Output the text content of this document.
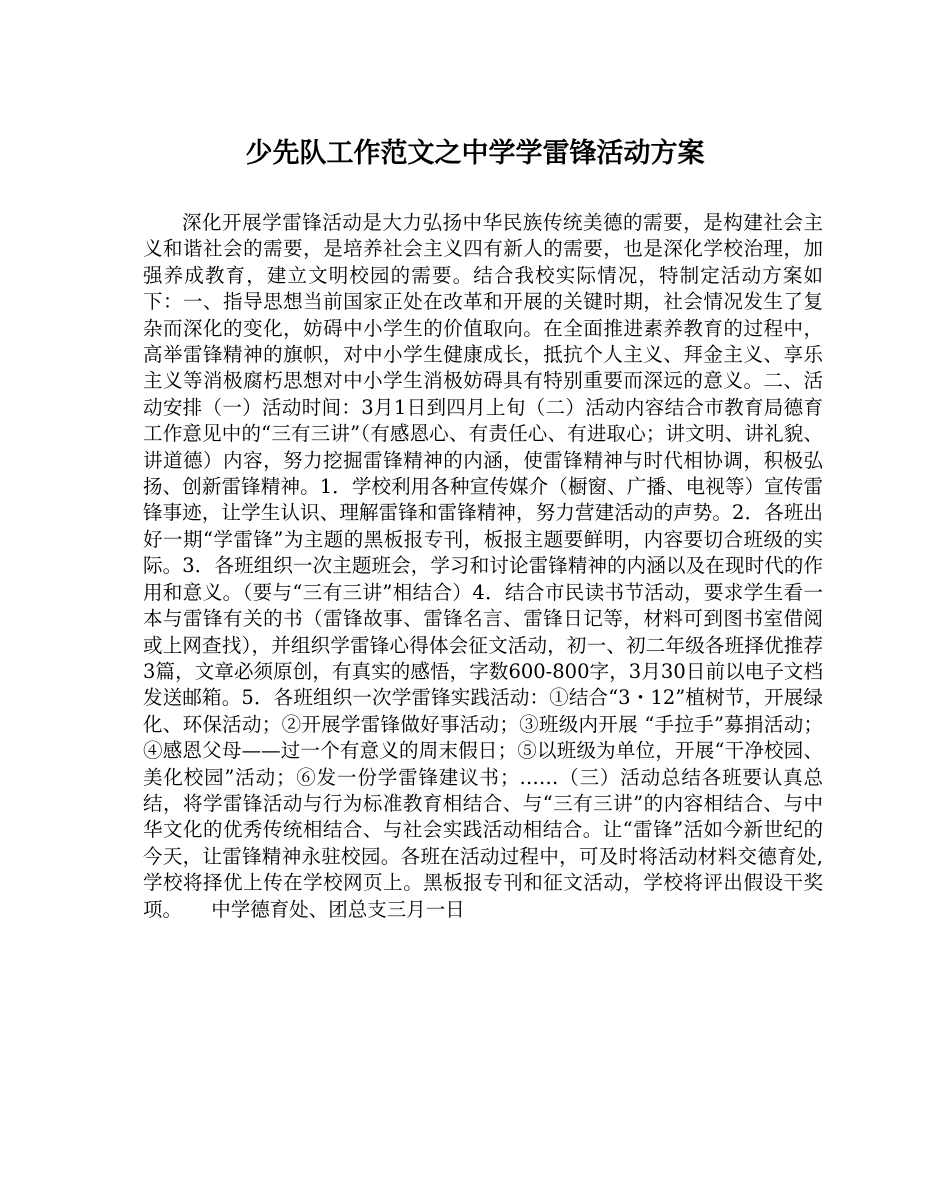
少先队工作范文之中学学雷锋活动方案

深化开展学雷锋活动是大力弘扬中华民族传统美德的需要，是构建社会主义和谐社会的需要，是培养社会主义四有新人的需要，也是深化学校治理，加强养成教育，建立文明校园的需要。结合我校实际情况，特制定活动方案如下：一、指导思想当前国家正处在改革和开展的关键时期，社会情况发生了复杂而深化的变化，妨碍中小学生的价值取向。在全面推进素养教育的过程中，高举雷锋精神的旗帜，对中小学生健康成长，抵抗个人主义、拜金主义、享乐主义等消极腐朽思想对中小学生消极妨碍具有特别重要而深远的意义。二、活动安排（一）活动时间：3月1日到四月上旬（二）活动内容结合市教育局德育工作意见中的“三有三讲”（有感恩心、有责任心、有进取心；讲文明、讲礼貌、讲道德）内容，努力挖掘雷锋精神的内涵，使雷锋精神与时代相协调，积极弘扬、创新雷锋精神。1．学校利用各种宣传媒介（橱窗、广播、电视等）宣传雷锋事迹，让学生认识、理解雷锋和雷锋精神，努力营建活动的声势。2．各班出好一期“学雷锋”为主题的黑板报专刊，板报主题要鲜明，内容要切合班级的实际。3．各班组织一次主题班会，学习和讨论雷锋精神的内涵以及在现时代的作用和意义。（要与“三有三讲”相结合）4．结合市民读书节活动，要求学生看一本与雷锋有关的书（雷锋故事、雷锋名言、雷锋日记等，材料可到图书室借阅或上网查找），并组织学雷锋心得体会征文活动，初一、初二年级各班择优推荐3篇，文章必须原创，有真实的感悟，字数600-800字，3月30日前以电子文档发送邮箱。5．各班组织一次学雷锋实践活动：①结合“3・12”植树节，开展绿化、环保活动；②开展学雷锋做好事活动；③班级内开展 “手拉手”募捐活动；④感恩父母——过一个有意义的周末假日；⑤以班级为单位，开展“干净校园、美化校园”活动；⑥发一份学雷锋建议书；……（三）活动总结各班要认真总结，将学雷锋活动与行为标准教育相结合、与“三有三讲”的内容相结合、与中华文化的优秀传统相结合、与社会实践活动相结合。让“雷锋”活如今新世纪的今天，让雷锋精神永驻校园。各班在活动过程中，可及时将活动材料交德育处,学校将择优上传在学校网页上。黑板报专刊和征文活动，学校将评出假设干奖项。　　中学德育处、团总支三月一日
